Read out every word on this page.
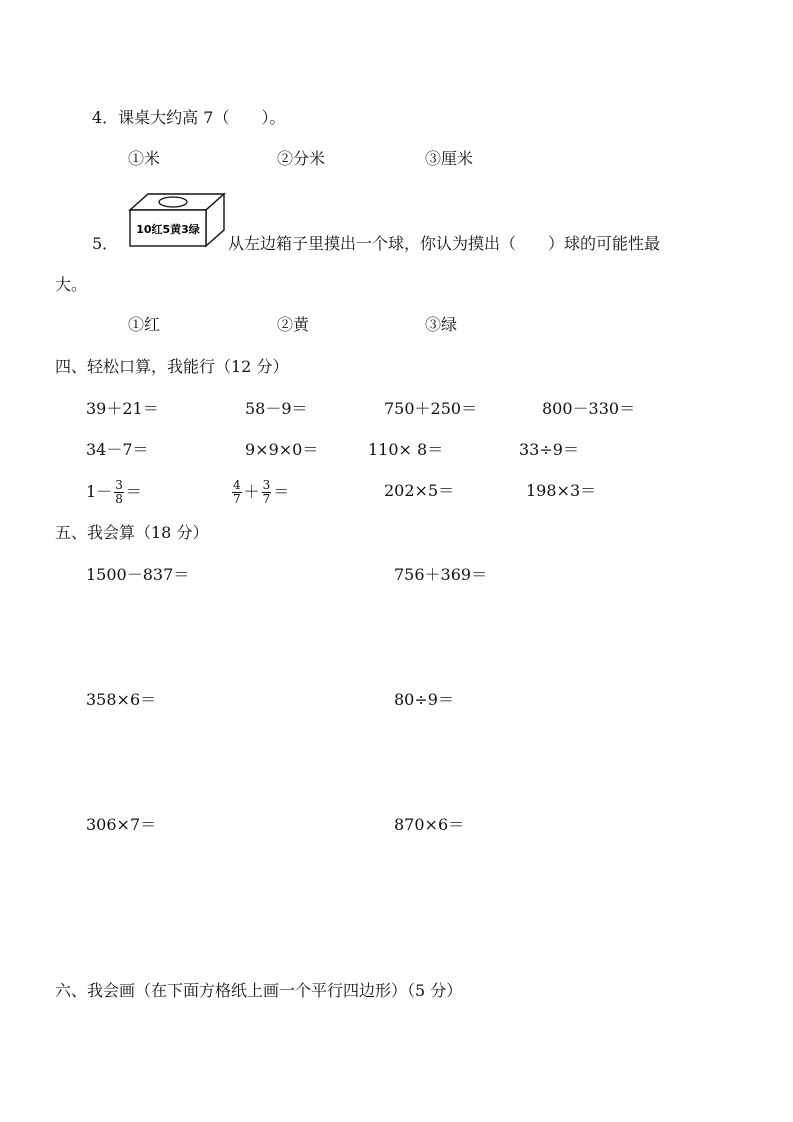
4．课桌大约高 7（　　）。
①米	②分米	③厘米
10红5黄3绿
5．	从左边箱子里摸出一个球，你认为摸出（　　）球的可能性最
大。
①红	②黄	③绿
四、轻松口算，我能行（12 分）
39＋21＝	58－9＝	750＋250＝	800－330＝
34－7＝	9×9×0＝	110× 8＝	33÷9＝
$1- \frac{3}{8}$ ＝	$\frac{4}{7} + \frac{3}{7}$ ＝	202×5＝	198×3＝
五、我会算（18 分）
1500－837＝	756＋369＝
358×6＝	80÷9＝
306×7＝	870×6＝
六、我会画（在下面方格纸上画一个平行四边形）（5 分）
